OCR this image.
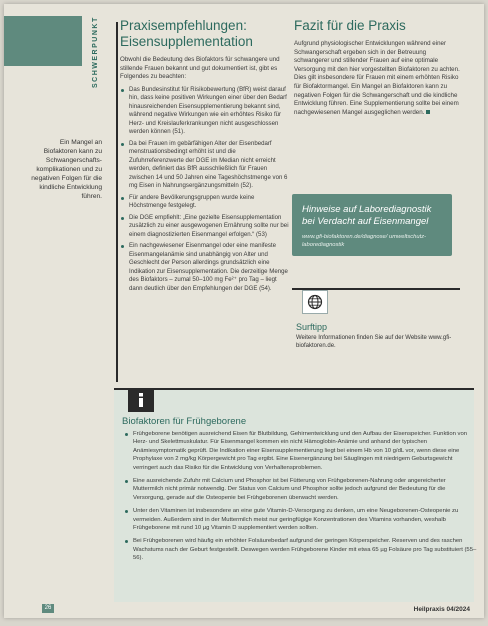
SCHWERPUNKT
Ein Mangel an Biofaktoren kann zu Schwangerschafts-komplikationen und zu negativen Folgen für die kindliche Entwicklung führen.
Praxisempfehlungen: Eisensupplementation

Obwohl die Bedeutung des Biofaktors für schwangere und stillende Frauen bekannt und gut dokumentiert ist, gibt es Folgendes zu beachten:

Das Bundesinstitut für Risikobewertung (BfR) weist darauf hin, dass keine positiven Wirkungen einer über den Bedarf hinausreichenden Eisensupplementierung bekannt sind, während negative Wirkungen wie ein erhöhtes Risiko für Herz- und Kreislauferkrankungen nicht ausgeschlossen werden können (51).
Da bei Frauen im gebärfähigen Alter der Eisenbedarf menstruationsbedingt erhöht ist und die Zufuhrreferenzwerte der DGE im Median nicht erreicht werden, definiert das BfR ausschließlich für Frauen zwischen 14 und 50 Jahren eine Tageshöchstmenge von 6 mg Eisen in Nahrungsergänzungsmitteln (52).
Für andere Bevölkerungsgruppen wurde keine Höchstmenge festgelegt.
Die DGE empfiehlt: „Eine gezielte Eisensupplementation zusätzlich zu einer ausgewogenen Ernährung sollte nur bei einem diagnostizierten Eisenmangel erfolgen.“ (53)
Ein nachgewiesener Eisenmangel oder eine manifeste Eisenmangelanämie sind unabhängig von Alter und Geschlecht der Person allerdings grundsätzlich eine Indikation zur Eisensupplementation. Die derzeitige Menge des Biofaktors – zumal 50–100 mg Fe²⁺ pro Tag – liegt dann deutlich über den Empfehlungen der DGE (54).
Fazit für die Praxis

Aufgrund physiologischer Entwicklungen während einer Schwangerschaft ergeben sich in der Betreuung schwangerer und stillender Frauen auf eine optimale Versorgung mit den hier vorgestellten Biofaktoren zu achten. Dies gilt insbesondere für Frauen mit einem erhöhten Risiko für Biofaktormangel. Ein Mangel an Biofaktoren kann zu negativen Folgen für die Schwangerschaft und die kindliche Entwicklung führen. Eine Supplementierung sollte bei einem nachgewiesenen Mangel ausgeglichen werden.

Hinweise auf Laborediagnostik bei Verdacht auf Eisenmangel
www.gfi-biofaktoren.de/diagnose/ umweltschutz-laborediagnostik
Surftipp
Weitere Informationen finden Sie auf der Website www.gfi-biofaktoren.de.
Biofaktoren für Frühgeborene
Frühgeborene benötigen ausreichend Eisen für Blutbildung, Gehirnentwicklung und den Aufbau der Eisenspeicher. Funktion von Herz- und Skelettmuskulatur. Für Eisenmangel kommen ein nicht Hämoglobin-Anämie und anhand der typischen Anämiesymptomatik geprüft. Die Indikation einer Eisensupplementierung liegt bei einem Hb von 10 g/dL vor, wenn diese eine Prophylaxe von 2 mg/kg Körpergewicht pro Tag ergibt. Eine Eisenergänzung bei Säuglingen mit niedrigem Geburtsgewicht verringert auch das Risiko für die Entwicklung von Verhaltensproblemen.
Eine ausreichende Zufuhr mit Calcium und Phosphor ist bei Fütterung von Frühgeborenen-Nahrung oder angereicherter Muttermilch nicht primär notwendig. Der Status von Calcium und Phosphor sollte jedoch aufgrund der Bedeutung für die Versorgung, gerade auf die Osteopenie bei Frühgeborenen überwacht werden.
Unter den Vitaminen ist insbesondere an eine gute Vitamin-D-Versorgung zu denken, um eine Neugeborenen-Osteopenie zu vermeiden. Außerdem sind in der Muttermilch meist nur geringfügige Konzentrationen des Vitamins vorhanden, weshalb Frühgeborene mit rund 10 µg Vitamin D supplementiert werden sollten.
Bei Frühgeborenen wird häufig ein erhöhter Folsäurebedarf aufgrund der geringen Körperspeicher. Reserven und des raschen Wachstums nach der Geburt festgestellt. Deswegen werden Frühgeborene Kinder mit etwa 65 µg Folsäure pro Tag substituiert (55–56).
26	Heilpraxis 04/2024
